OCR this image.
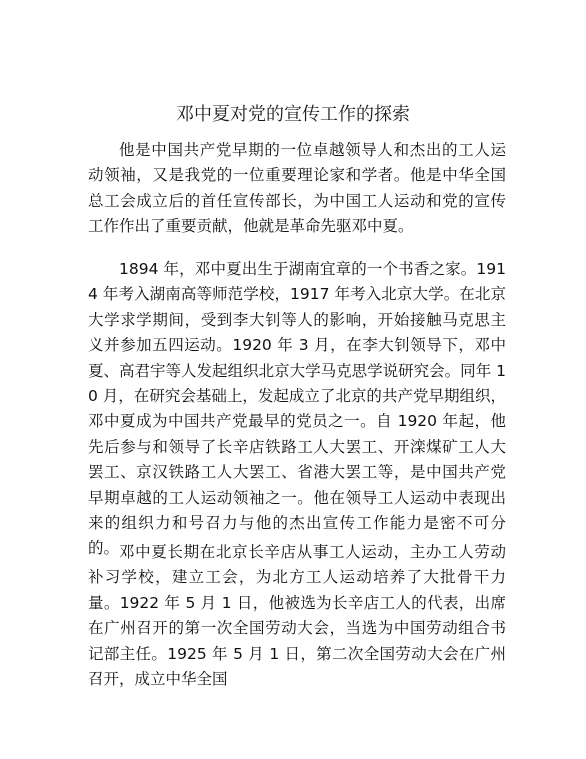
邓中夏对党的宣传工作的探索

他是中国共产党早期的一位卓越领导人和杰出的工人运动领袖，又是我党的一位重要理论家和学者。他是中华全国总工会成立后的首任宣传部长，为中国工人运动和党的宣传工作作出了重要贡献，他就是革命先驱邓中夏。

1894 年，邓中夏出生于湖南宜章的一个书香之家。1914 年考入湖南高等师范学校，1917 年考入北京大学。在北京大学求学期间，受到李大钊等人的影响，开始接触马克思主义并参加五四运动。1920 年 3 月，在李大钊领导下，邓中夏、高君宇等人发起组织北京大学马克思学说研究会。同年 10 月，在研究会基础上，发起成立了北京的共产党早期组织，邓中夏成为中国共产党最早的党员之一。自 1920 年起，他先后参与和领导了长辛店铁路工人大罢工、开滦煤矿工人大罢工、京汉铁路工人大罢工、省港大罢工等，是中国共产党早期卓越的工人运动领袖之一。他在领导工人运动中表现出来的组织力和号召力与他的杰出宣传工作能力是密不可分的。 邓中夏长期在北京长辛店从事工人运动，主办工人劳动补习学校，建立工会，为北方工人运动培养了大批骨干力量。1922 年 5 月 1 日，他被选为长辛店工人的代表，出席在广州召开的第一次全国劳动大会，当选为中国劳动组合书记部主任。1925 年 5 月 1 日，第二次全国劳动大会在广州召开，成立中华全国
